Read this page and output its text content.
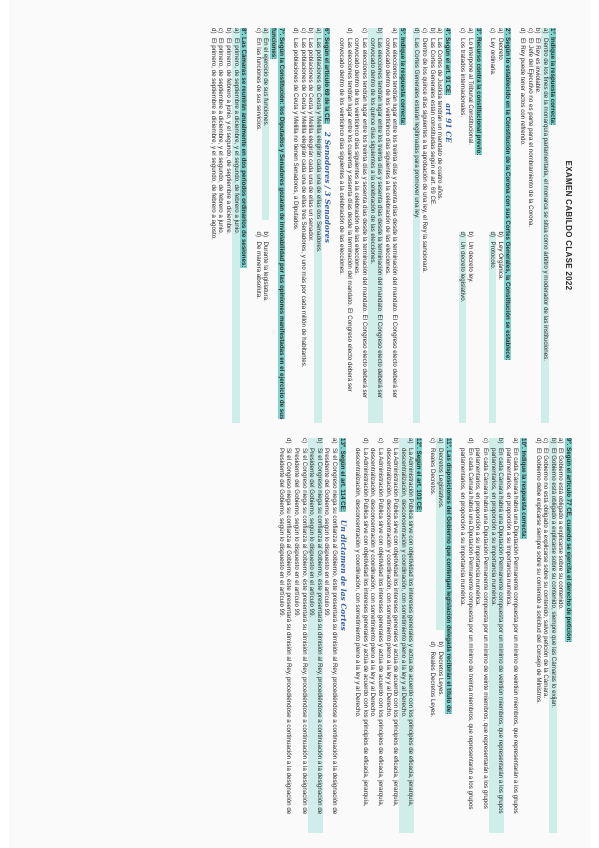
EXAMEN CABILDO CLASE 2022
1º. Indique la respuesta correcta:
a)Dentro de los fines de la monarquía parlamentaria, el monarca se sitúa como árbitro y moderador de las instituciones.
b)El Rey es inviolable.
c)El Jefe del Ejecutivo no es parte para el nombramiento de la Corona.
d)El Rey puede tener actos con refrendo.
2º. Según lo establecido en la Constitución de la Corona con sus Cortes Generales, la Constitución se establece:
a)Decreto.
b)Ley Orgánica.
c)Ley ordinaria.
d)Protocolo.
3º. Recurso contra la constitucional previo:
a)Lo interpone al Tribunal Constitucional.
b)Un decreto ley.
c)Los tratados internacionales.
d)Un decreto legislativo.
4º. Según el art. 91 CE:art 91 CE
a)Las Cortes de Justicia tendrán un mandato de cuatro años.
b)Las Cortes Generales están constituidas según el art. 69 CE.
c)Dentro de los quince días siguientes a la aprobación de una ley, el Rey la sancionará.
d)Las Cortes Generales estarán legitimadas para promover una ley.
5º. Indique la respuesta correcta:
a)Las elecciones tendrán lugar entre los treinta días y sesenta días desde la terminación del mandato. El Congreso electo deberá ser convocado dentro de los veinticinco días siguientes a la celebración de las elecciones.
b)Las elecciones tendrán lugar entre los treinta días y sesenta días desde la terminación del mandato. El Congreso electo deberá ser convocado dentro de los quince días siguientes a la celebración de las elecciones.
c)Las elecciones tendrán lugar entre los treinta días y sesenta días desde la terminación del mandato. El Congreso electo deberá ser convocado dentro de los veinticinco días siguientes a la celebración de las elecciones.
d)Las elecciones tendrán lugar entre los cuarenta y sesenta días desde la terminación del mandato. El Congreso electo deberá ser convocado dentro de los veinticinco días siguientes a la celebración de las elecciones.
6º. Según el artículo 69 de la CE:2 Senadores / 3 Senadores
a)Las poblaciones de Ceuta y Melilla elegirán cada una de ellas dos Senadores.
b)Las poblaciones de Ceuta y Melilla elegirán cada una de ellas un senador.
c)Las poblaciones de Ceuta y Melilla elegirán cada una de ellas tres Senadores, y uno más por cada millón de habitantes.
d)Las poblaciones de Ceuta y Melilla no tienen Senadores, a Diputados.
7º. Según la Constitución: los Diputados y Senadores gozarán de inviolabilidad por las opiniones manifestadas en el ejercicio de sus funciones:
a)En el ejercicio de sus funciones.
b)Durante la legislatura.
c)En las funciones de sus servicios.
d)De manera absoluta.
8º. Las Cámaras se reunirán anualmente en dos periodos ordinarios de sesiones:
a)El primero, de septiembre a diciembre, y el segundo, de febrero a junio.
b)El primero, de febrero a junio, y el segundo, de septiembre a diciembre.
c)El primero, de septiembre a diciembre, y el segundo, de febrero a junio.
d)El primero, de septiembre a diciembre, y el segundo, de febrero a agosto.
9º. Según el artículo 77 CE, cuando se ejercita el derecho de petición:
a)El Gobierno está obligado a explicarse sobre su contenido.
b)El Gobierno está obligado a explicarse sobre su contenido, siempre que las Cámaras lo exijan.
c)El Gobierno no está obligado a explicarse sobre su contenido, salvo petición de la Cámara.
d)El Gobierno debe explicarse siempre sobre su contenido a solicitud del Consejo de Ministros.
10º. Indique la respuesta correcta:
a)En cada Cámara habrá una Diputación Permanente compuesta por un mínimo de veintiún miembros, que representarán a los grupos parlamentarios, en proporción a su importancia numérica.
b)En cada Cámara habrá una Diputación Permanente compuesta por un mínimo de veintiún miembros, que representarán a los grupos parlamentarios, en proporción a su importancia numérica.
c)En cada Cámara habrá una Diputación Permanente compuesta por un mínimo de veinte miembros, que representarán a los grupos parlamentarios, en proporción a su importancia numérica.
d)En cada Cámara habrá una Diputación Permanente compuesta por un mínimo de treinta miembros, que representarán a los grupos parlamentarios, en proporción a su importancia numérica.
11º. Las disposiciones del Gobierno que contengan legislación delegada recibirán el título de:
a)Decretos Legislativos.
b)Decretos Leyes.
c)Reales Decretos.
d)Reales Decretos Leyes.
12º. Según el art. 103 CE:
a)La Administración Pública sirve con objetividad los intereses generales y actúa de acuerdo con los principios de eficacia, jerarquía, descentralización, desconcentración y coordinación, con sometimiento pleno a la ley y al Derecho.
b)La Administración Pública sirve con objetividad los intereses generales y actúa de acuerdo con los principios de eficacia, jerarquía, descentralización, desconcentración y coordinación, con sometimiento pleno a la ley y al Derecho.
c)La Administración Pública sirve con objetividad los intereses generales y actúa de acuerdo con los principios de eficacia, jerarquía, descentralización, desconcentración y coordinación, con sometimiento pleno a la ley y al Derecho.
d)La Administración Pública sirve con objetividad los intereses generales y actúa de acuerdo con los principios de eficacia, jerarquía, descentralización, desconcentración y coordinación, con sometimiento pleno a la ley y al Derecho.
13º. Según el art. 114 CE:Un dictamen de las Cortes
a)Si el Congreso niega su confianza al Gobierno, éste presentará su dimisión al Rey, procediéndose a continuación a la designación de Presidente del Gobierno, según lo dispuesto en el artículo 99.
b)Si el Congreso niega su confianza al Gobierno, éste presentará su dimisión al Rey, procediéndose a continuación a la designación de Presidente del Gobierno, según lo dispuesto en el artículo 99.
c)Si el Congreso niega su confianza al Gobierno, éste presentará su dimisión al Rey, procediéndose a continuación a la designación de Presidente del Gobierno, según lo dispuesto en el artículo 99.
d)Si el Congreso niega su confianza al Gobierno, éste presentará su dimisión al Rey, procediéndose a continuación a la designación de Presidente del Gobierno, según lo dispuesto en el artículo 99.
